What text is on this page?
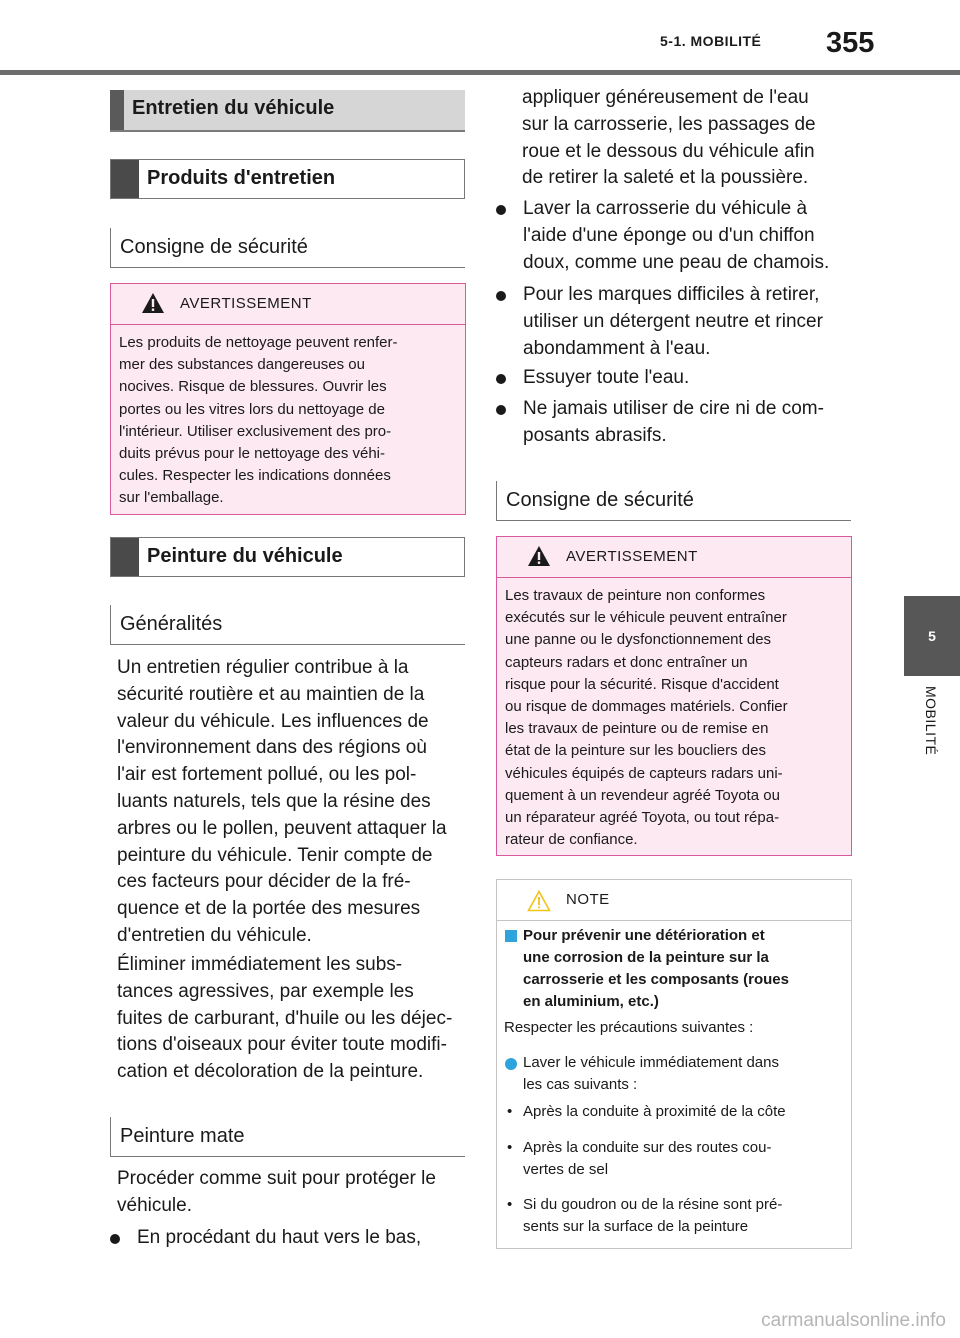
5-1. MOBILITÉ 355
5
MOBILITÉ
Entretien du véhicule
Produits d'entretien
Consigne de sécurité
AVERTISSEMENT
Les produits de nettoyage peuvent renfer-
mer des substances dangereuses ou
nocives. Risque de blessures. Ouvrir les
portes ou les vitres lors du nettoyage de
l'intérieur. Utiliser exclusivement des pro-
duits prévus pour le nettoyage des véhi-
cules. Respecter les indications données
sur l'emballage.
Peinture du véhicule
Généralités
Un entretien régulier contribue à la
sécurité routière et au maintien de la
valeur du véhicule. Les influences de
l'environnement dans des régions où
l'air est fortement pollué, ou les pol-
luants naturels, tels que la résine des
arbres ou le pollen, peuvent attaquer la
peinture du véhicule. Tenir compte de
ces facteurs pour décider de la fré-
quence et de la portée des mesures
d'entretien du véhicule.
Éliminer immédiatement les subs-
tances agressives, par exemple les
fuites de carburant, d'huile ou les déjec-
tions d'oiseaux pour éviter toute modifi-
cation et décoloration de la peinture.
Peinture mate
Procéder comme suit pour protéger le
véhicule.
En procédant du haut vers le bas,
appliquer généreusement de l'eau
sur la carrosserie, les passages de
roue et le dessous du véhicule afin
de retirer la saleté et la poussière.
Laver la carrosserie du véhicule à
l'aide d'une éponge ou d'un chiffon
doux, comme une peau de chamois.
Pour les marques difficiles à retirer,
utiliser un détergent neutre et rincer
abondamment à l'eau.
Essuyer toute l'eau.
Ne jamais utiliser de cire ni de com-
posants abrasifs.
Consigne de sécurité
AVERTISSEMENT
Les travaux de peinture non conformes
exécutés sur le véhicule peuvent entraîner
une panne ou le dysfonctionnement des
capteurs radars et donc entraîner un
risque pour la sécurité. Risque d'accident
ou risque de dommages matériels. Confier
les travaux de peinture ou de remise en
état de la peinture sur les boucliers des
véhicules équipés de capteurs radars uni-
quement à un revendeur agréé Toyota ou
un réparateur agréé Toyota, ou tout répa-
rateur de confiance.
NOTE
Pour prévenir une détérioration et
une corrosion de la peinture sur la
carrosserie et les composants (roues
en aluminium, etc.)
Respecter les précautions suivantes :
Laver le véhicule immédiatement dans
les cas suivants :
• Après la conduite à proximité de la côte
• Après la conduite sur des routes cou-
vertes de sel
• Si du goudron ou de la résine sont pré-
sents sur la surface de la peinture
carmanualsonline.info
